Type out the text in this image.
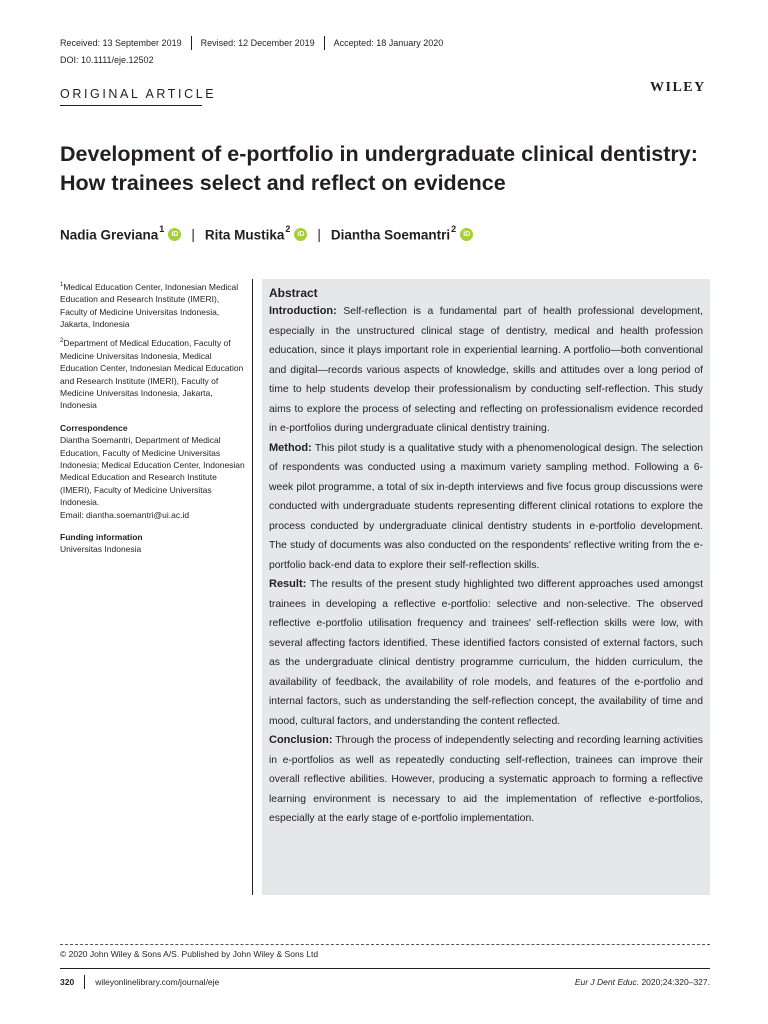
Received: 13 September 2019 Revised: 12 December 2019 Accepted: 18 January 2020
DOI: 10.1111/eje.12502
ORIGINAL ARTICLE	WILEY
Development of e-portfolio in undergraduate clinical dentistry: How trainees select and reflect on evidence
Nadia Greviana$^1$
iD | Rita Mustika$^2$
iD | Diantha Soemantri$^2$
iD

$^1$Medical Education Center, Indonesian Medical Education and Research Institute (IMERI), Faculty of Medicine Universitas Indonesia, Jakarta, Indonesia

$^2$Department of Medical Education, Faculty of Medicine Universitas Indonesia, Medical Education Center, Indonesian Medical Education and Research Institute (IMERI), Faculty of Medicine Universitas Indonesia, Jakarta, Indonesia

Correspondence
Diantha Soemantri, Department of Medical Education, Faculty of Medicine Universitas Indonesia; Medical Education Center, Indonesian Medical Education and Research Institute (IMERI), Faculty of Medicine Universitas Indonesia.
Email: diantha.soemantri@ui.ac.id
Funding information
Universitas Indonesia
Abstract

Introduction: Self-reflection is a fundamental part of health professional development, especially in the unstructured clinical stage of dentistry, medical and health profession education, since it plays important role in experiential learning. A portfolio—both conventional and digital—records various aspects of knowledge, skills and attitudes over a long period of time to help students develop their professionalism by conducting self-reflection. This study aims to explore the process of selecting and reflecting on professionalism evidence recorded in e-portfolios during undergraduate clinical dentistry training.

Method: This pilot study is a qualitative study with a phenomenological design. The selection of respondents was conducted using a maximum variety sampling method. Following a 6-week pilot programme, a total of six in-depth interviews and five focus group discussions were conducted with undergraduate students representing different clinical rotations to explore the process conducted by undergraduate clinical dentistry students in e-portfolio development. The study of documents was also conducted on the respondents' reflective writing from the e-portfolio back-end data to explore their self-reflection skills.

Result: The results of the present study highlighted two different approaches used amongst trainees in developing a reflective e-portfolio: selective and non-selective. The observed reflective e-portfolio utilisation frequency and trainees' self-reflection skills were low, with several affecting factors identified. These identified factors consisted of external factors, such as the undergraduate clinical dentistry programme curriculum, the hidden curriculum, the availability of feedback, the availability of role models, and features of the e-portfolio and internal factors, such as understanding the self-reflection concept, the availability of time and mood, cultural factors, and understanding the content reflected.

Conclusion: Through the process of independently selecting and recording learning activities in e-portfolios as well as repeatedly conducting self-reflection, trainees can improve their overall reflective abilities. However, producing a systematic approach to forming a reflective learning environment is necessary to aid the implementation of reflective e-portfolios, especially at the early stage of e-portfolio implementation.

© 2020 John Wiley & Sons A/S. Published by John Wiley & Sons Ltd
320 wileyonlinelibrary.com/journal/eje	Eur J Dent Educ. 2020;24:320–327.
